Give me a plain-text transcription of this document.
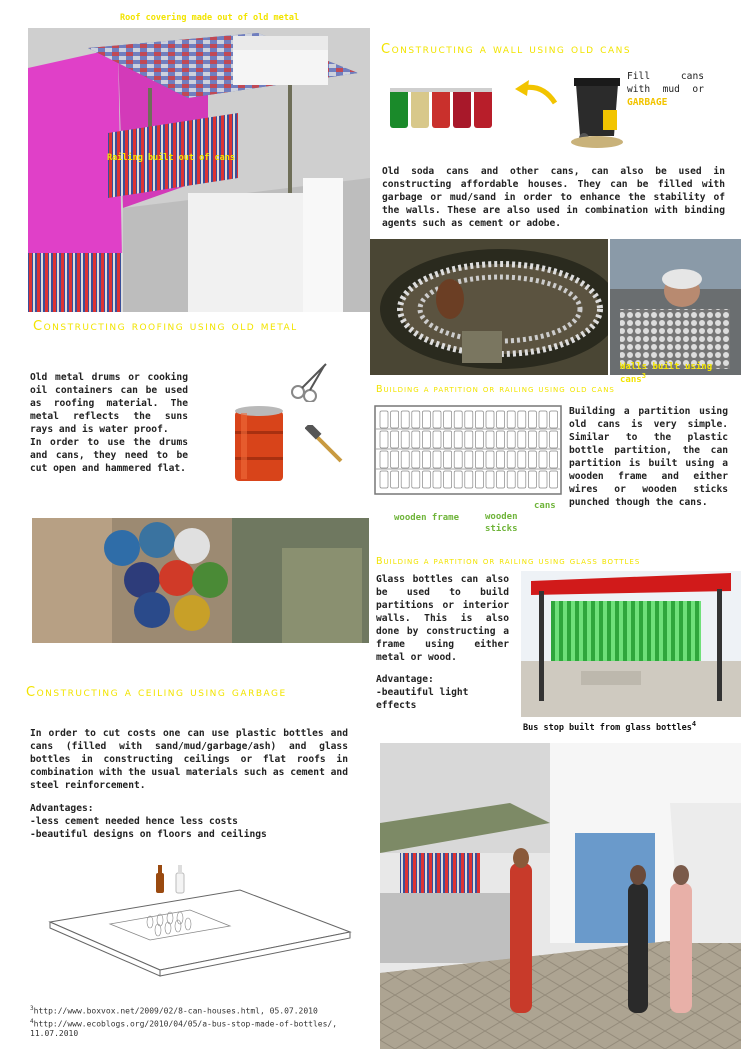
Roof covering made out of old metal
Railing built out of cans
Constructing a wall using old cans
Fill cans with mud or GARBAGE
Old soda cans and other cans, can also be used in constructing affordable houses. They can be filled with garbage or mud/sand in order to enhance the stability of the walls. These are also used in combination with binding agents such as cement or adobe.
Walls built using cans$^3$
Constructing roofing using old metal
Old metal drums or cooking oil containers can be used as roofing material. The metal reflects the suns rays and is water proof.
In order to use the drums and cans, they need to be cut open and hammered flat.
Building a partition or railing using old cans
wooden frame	wooden
sticks
cans
Building a partition using old cans is very simple. Similar to the plastic bottle partition, the can partition is built using a wooden frame and either wires or wooden sticks punched though the cans.
Building a partition or railing using glass bottles
Glass bottles can also be used to build partitions or interior walls. This is also done by constructing a frame using either metal or wood.
Advantage:
-beautiful light effects
Bus stop built from glass bottles$^4$
Constructing a ceiling using garbage
In order to cut costs one can use plastic bottles and cans (filled with sand/mud/garbage/ash) and glass bottles in constructing ceilings or flat roofs in combination with the usual materials such as cement and steel reinforcement.
Advantages:
-less cement needed hence less costs
-beautiful designs on floors and ceilings
$^3$http://www.boxvox.net/2009/02/8-can-houses.html, 05.07.2010
$^4$http://www.ecoblogs.org/2010/04/05/a-bus-stop-made-of-bottles/, 11.07.2010
